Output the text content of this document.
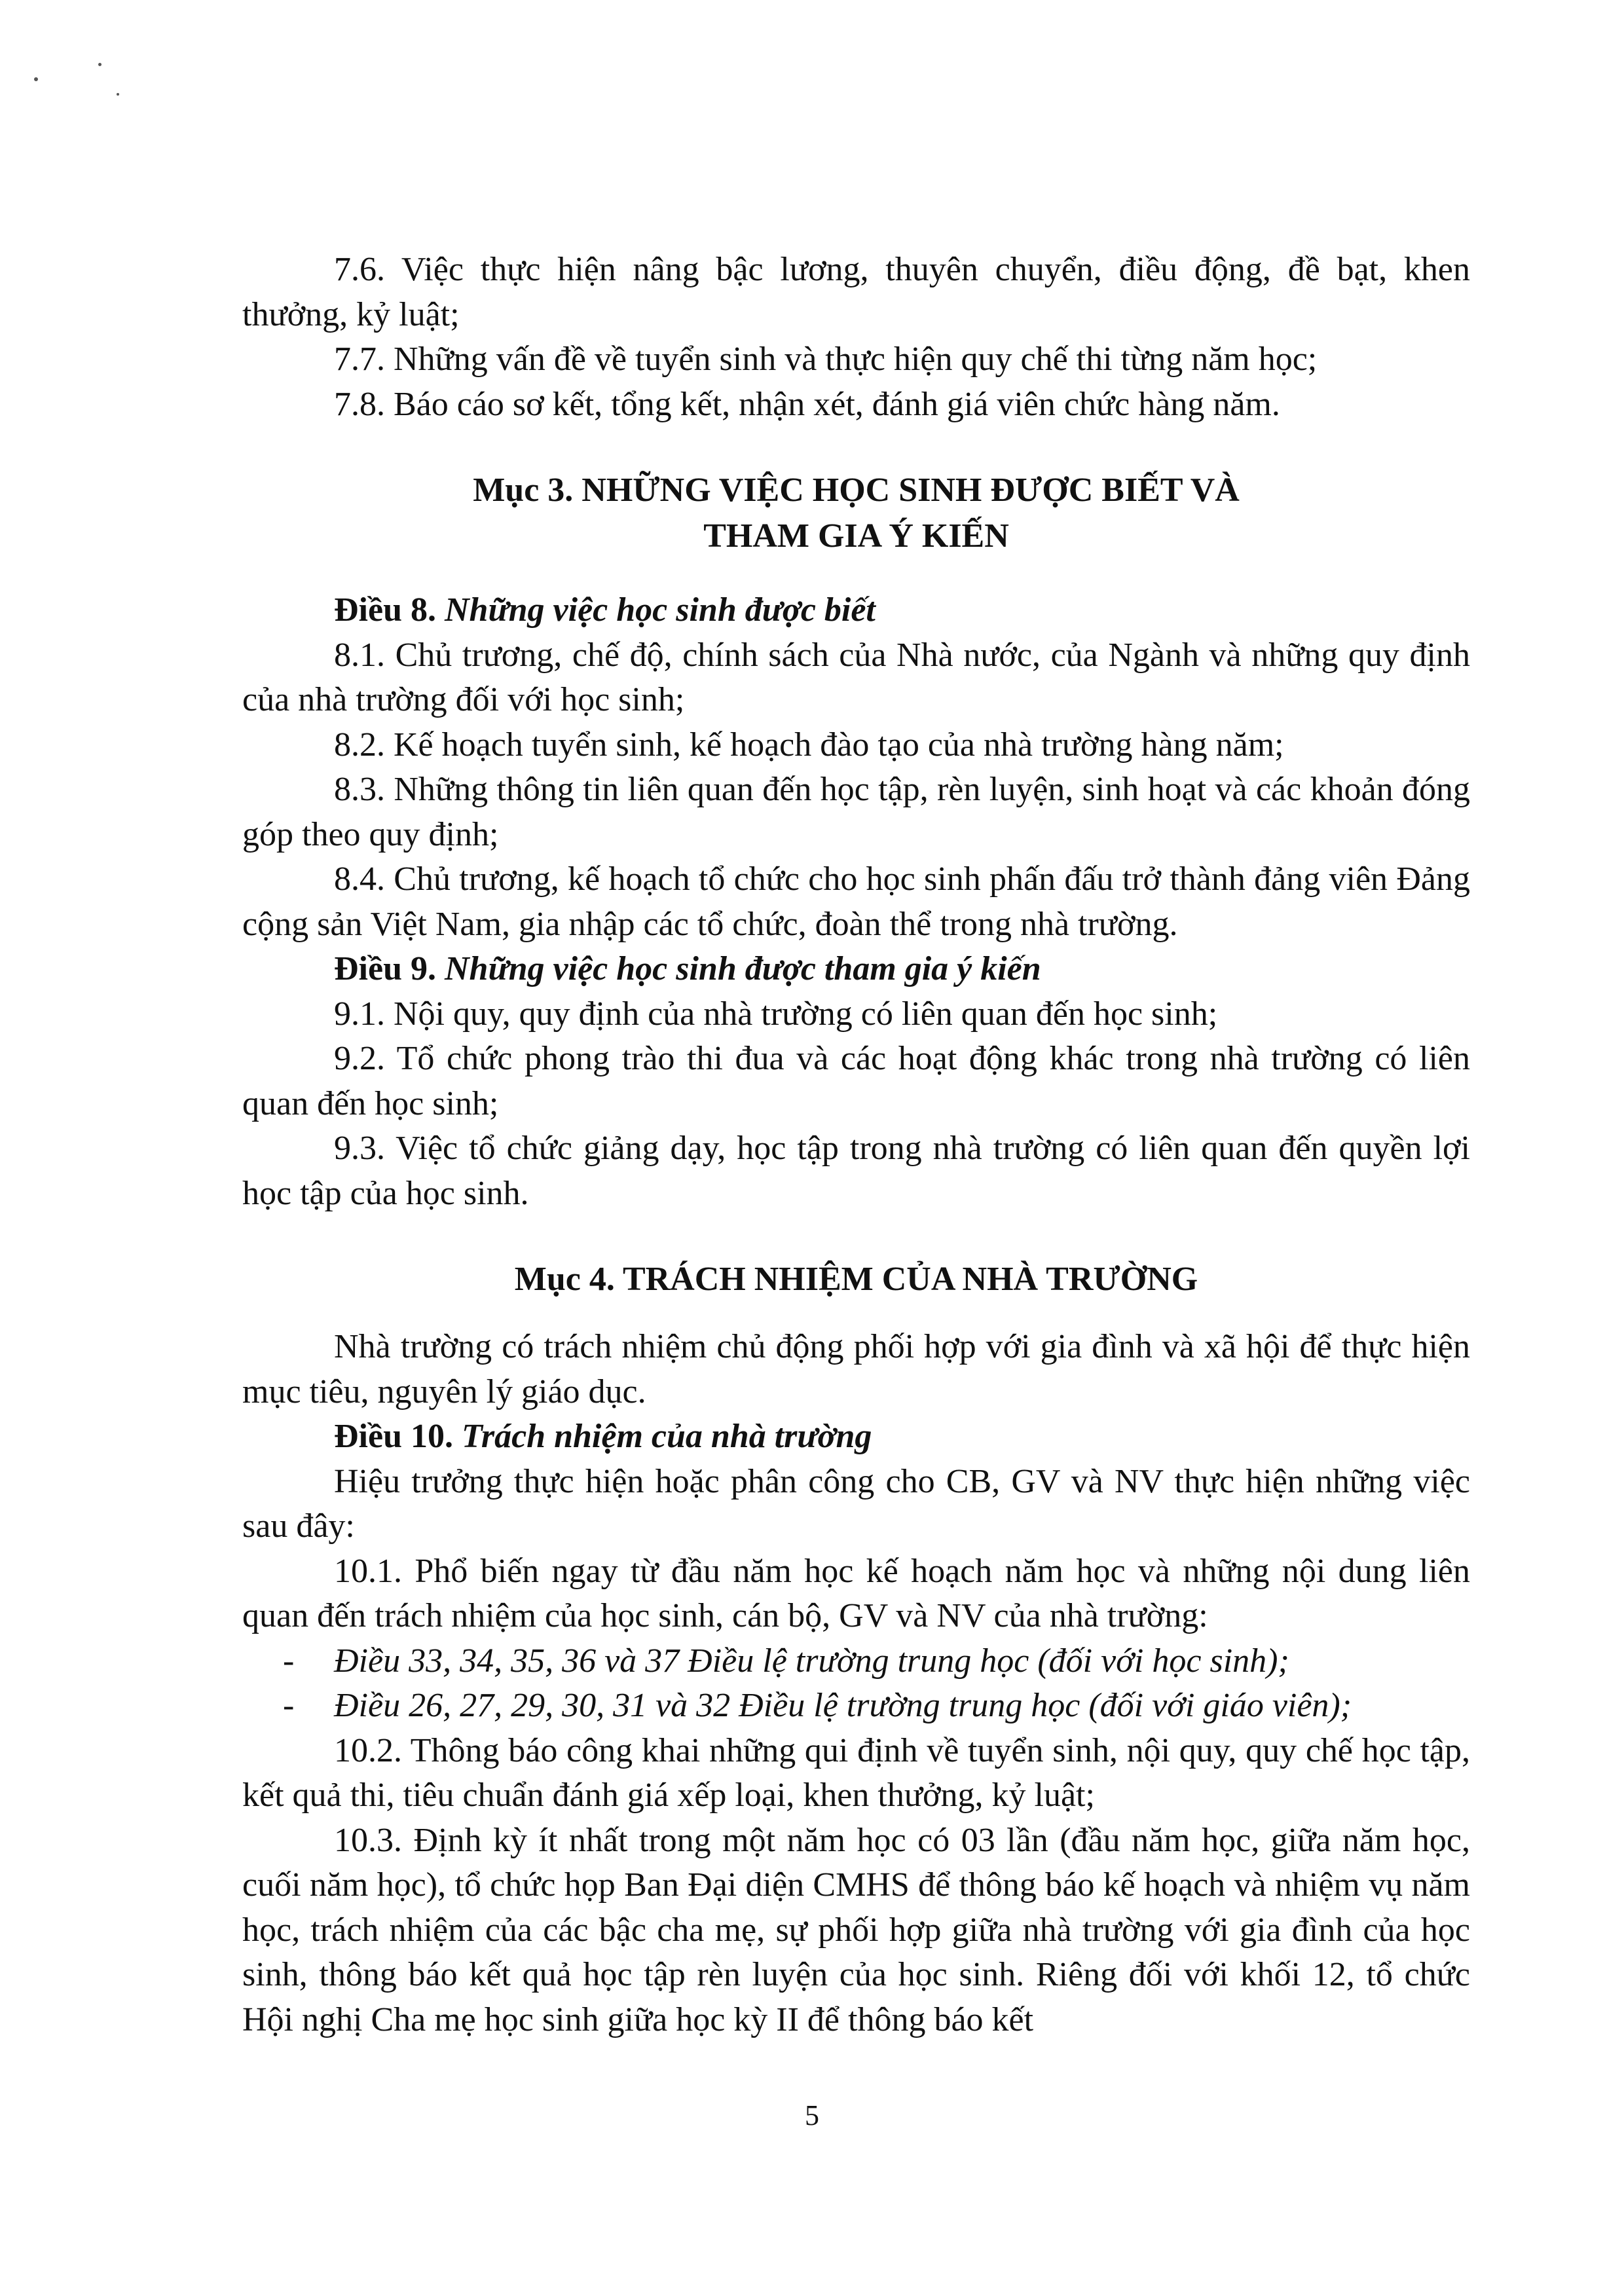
7.6. Việc thực hiện nâng bậc lương, thuyên chuyển, điều động, đề bạt, khen thưởng, kỷ luật;

7.7. Những vấn đề về tuyển sinh và thực hiện quy chế thi từng năm học;

7.8. Báo cáo sơ kết, tổng kết, nhận xét, đánh giá viên chức hàng năm.

Mục 3. NHỮNG VIỆC HỌC SINH ĐƯỢC BIẾT VÀ

THAM GIA Ý KIẾN

Điều 8. Những việc học sinh được biết

8.1. Chủ trương, chế độ, chính sách của Nhà nước, của Ngành và những quy định của nhà trường đối với học sinh;

8.2. Kế hoạch tuyển sinh, kế hoạch đào tạo của nhà trường hàng năm;

8.3. Những thông tin liên quan đến học tập, rèn luyện, sinh hoạt và các khoản đóng góp theo quy định;

8.4. Chủ trương, kế hoạch tổ chức cho học sinh phấn đấu trở thành đảng viên Đảng cộng sản Việt Nam, gia nhập các tổ chức, đoàn thể trong nhà trường.

Điều 9. Những việc học sinh được tham gia ý kiến

9.1. Nội quy, quy định của nhà trường có liên quan đến học sinh;

9.2. Tổ chức phong trào thi đua và các hoạt động khác trong nhà trường có liên quan đến học sinh;

9.3. Việc tổ chức giảng dạy, học tập trong nhà trường có liên quan đến quyền lợi học tập của học sinh.

Mục 4. TRÁCH NHIỆM CỦA NHÀ TRƯỜNG

Nhà trường có trách nhiệm chủ động phối hợp với gia đình và xã hội để thực hiện mục tiêu, nguyên lý giáo dục.

Điều 10. Trách nhiệm của nhà trường

Hiệu trưởng thực hiện hoặc phân công cho CB, GV và NV thực hiện những việc sau đây:

10.1. Phổ biến ngay từ đầu năm học kế hoạch năm học và những nội dung liên quan đến trách nhiệm của học sinh, cán bộ, GV và NV của nhà trường:

- Điều 33, 34, 35, 36 và 37 Điều lệ trường trung học (đối với học sinh);

- Điều 26, 27, 29, 30, 31 và 32 Điều lệ trường trung học (đối với giáo viên);

10.2. Thông báo công khai những qui định về tuyển sinh, nội quy, quy chế học tập, kết quả thi, tiêu chuẩn đánh giá xếp loại, khen thưởng, kỷ luật;

10.3. Định kỳ ít nhất trong một năm học có 03 lần (đầu năm học, giữa năm học, cuối năm học), tổ chức họp Ban Đại diện CMHS để thông báo kế hoạch và nhiệm vụ năm học, trách nhiệm của các bậc cha mẹ, sự phối hợp giữa nhà trường với gia đình của học sinh, thông báo kết quả học tập rèn luyện của học sinh. Riêng đối với khối 12, tổ chức Hội nghị Cha mẹ học sinh giữa học kỳ II để thông báo kết

5
